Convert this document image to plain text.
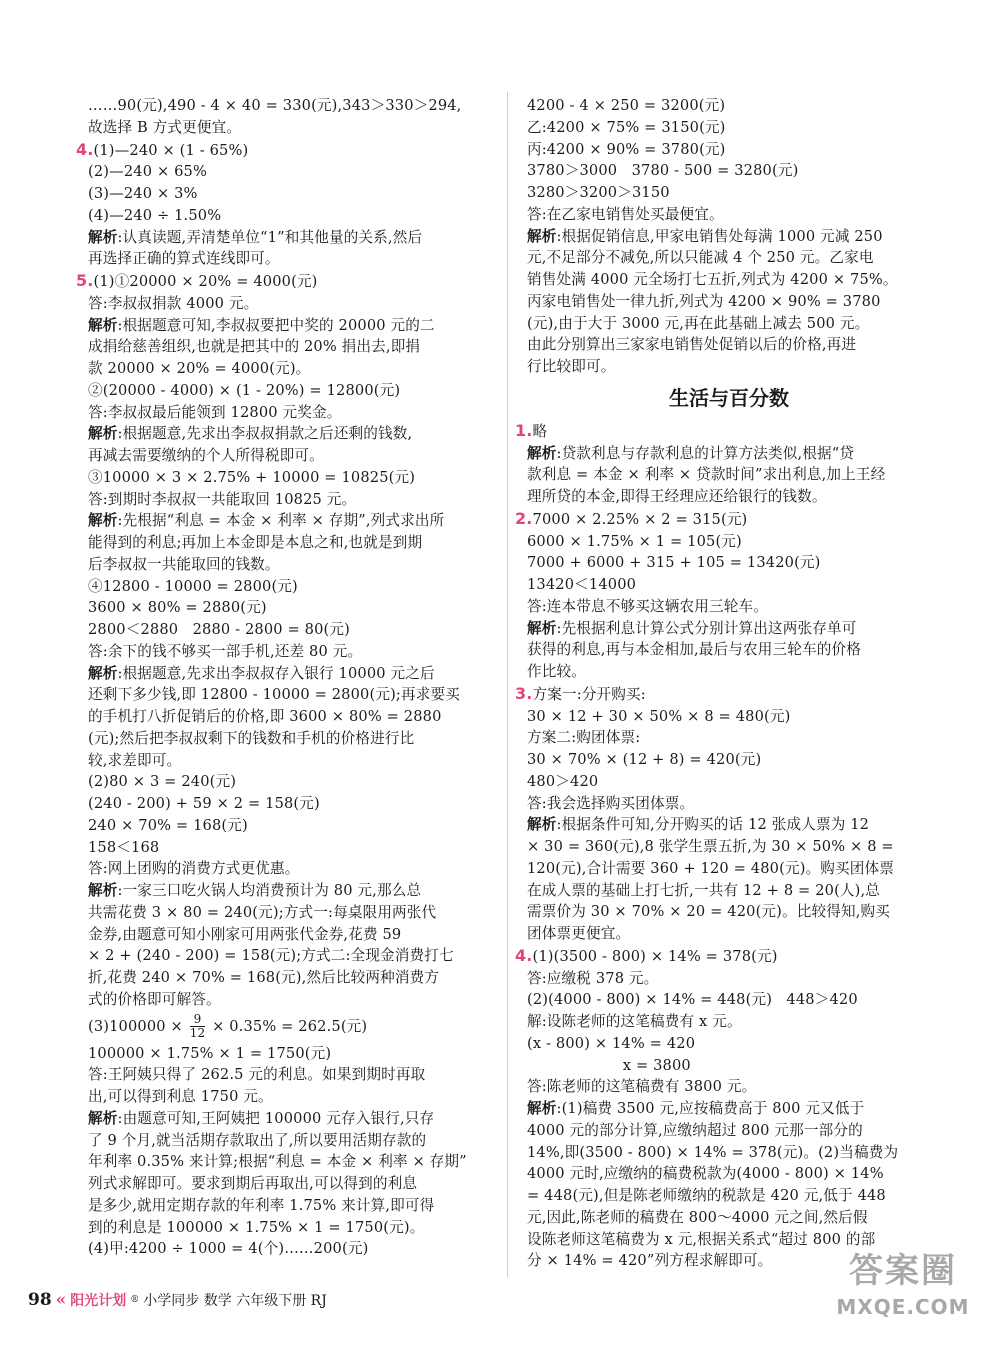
……90(元),490 - 4 × 40 = 330(元),343＞330＞294,
故选择 B 方式更便宜。
4.(1)—240 × (1 - 65%)
(2)—240 × 65%
(3)—240 × 3%
(4)—240 ÷ 1.50%
解析:认真读题,弄清楚单位“1”和其他量的关系,然后
再选择正确的算式连线即可。
5.(1)①20000 × 20% = 4000(元)
答:李叔叔捐款 4000 元。
解析:根据题意可知,李叔叔要把中奖的 20000 元的二
成捐给慈善组织,也就是把其中的 20% 捐出去,即捐
款 20000 × 20% = 4000(元)。
②(20000 - 4000) × (1 - 20%) = 12800(元)
答:李叔叔最后能领到 12800 元奖金。
解析:根据题意,先求出李叔叔捐款之后还剩的钱数,
再减去需要缴纳的个人所得税即可。
③10000 × 3 × 2.75% + 10000 = 10825(元)
答:到期时李叔叔一共能取回 10825 元。
解析:先根据“利息 = 本金 × 利率 × 存期”,列式求出所
能得到的利息;再加上本金即是本息之和,也就是到期
后李叔叔一共能取回的钱数。
④12800 - 10000 = 2800(元)
3600 × 80% = 2880(元)
2800＜2880   2880 - 2800 = 80(元)
答:余下的钱不够买一部手机,还差 80 元。
解析:根据题意,先求出李叔叔存入银行 10000 元之后
还剩下多少钱,即 12800 - 10000 = 2800(元);再求要买
的手机打八折促销后的价格,即 3600 × 80% = 2880
(元);然后把李叔叔剩下的钱数和手机的价格进行比
较,求差即可。
(2)80 × 3 = 240(元)
(240 - 200) + 59 × 2 = 158(元)
240 × 70% = 168(元)
158＜168
答:网上团购的消费方式更优惠。
解析:一家三口吃火锅人均消费预计为 80 元,那么总
共需花费 3 × 80 = 240(元);方式一:每桌限用两张代
金券,由题意可知小刚家可用两张代金券,花费 59
× 2 + (240 - 200) = 158(元);方式二:全现金消费打七
折,花费 240 × 70% = 168(元),然后比较两种消费方
式的价格即可解答。
$(3)100000 \times \frac{9}{12} \times 0.35\% = 262.5$(元)
100000 × 1.75% × 1 = 1750(元)
答:王阿姨只得了 262.5 元的利息。如果到期时再取
出,可以得到利息 1750 元。
解析:由题意可知,王阿姨把 100000 元存入银行,只存
了 9 个月,就当活期存款取出了,所以要用活期存款的
年利率 0.35% 来计算;根据“利息 = 本金 × 利率 × 存期”
列式求解即可。要求到期后再取出,可以得到的利息
是多少,就用定期存款的年利率 1.75% 来计算,即可得
到的利息是 100000 × 1.75% × 1 = 1750(元)。
(4)甲:4200 ÷ 1000 = 4(个)……200(元)
4200 - 4 × 250 = 3200(元)
乙:4200 × 75% = 3150(元)
丙:4200 × 90% = 3780(元)
3780＞3000   3780 - 500 = 3280(元)
3280＞3200＞3150
答:在乙家电销售处买最便宜。
解析:根据促销信息,甲家电销售处每满 1000 元减 250
元,不足部分不减免,所以只能减 4 个 250 元。乙家电
销售处满 4000 元全场打七五折,列式为 4200 × 75%。
丙家电销售处一律九折,列式为 4200 × 90% = 3780
(元),由于大于 3000 元,再在此基础上减去 500 元。
由此分别算出三家家电销售处促销以后的价格,再进
行比较即可。
生活与百分数
1.略
解析:贷款利息与存款利息的计算方法类似,根据“贷
款利息 = 本金 × 利率 × 贷款时间”求出利息,加上王经
理所贷的本金,即得王经理应还给银行的钱数。
2.7000 × 2.25% × 2 = 315(元)
6000 × 1.75% × 1 = 105(元)
7000 + 6000 + 315 + 105 = 13420(元)
13420＜14000
答:连本带息不够买这辆农用三轮车。
解析:先根据利息计算公式分别计算出这两张存单可
获得的利息,再与本金相加,最后与农用三轮车的价格
作比较。
3.方案一:分开购买:
30 × 12 + 30 × 50% × 8 = 480(元)
方案二:购团体票:
30 × 70% × (12 + 8) = 420(元)
480＞420
答:我会选择购买团体票。
解析:根据条件可知,分开购买的话 12 张成人票为 12
× 30 = 360(元),8 张学生票五折,为 30 × 50% × 8 =
120(元),合计需要 360 + 120 = 480(元)。购买团体票
在成人票的基础上打七折,一共有 12 + 8 = 20(人),总
需票价为 30 × 70% × 20 = 420(元)。比较得知,购买
团体票更便宜。
4.(1)(3500 - 800) × 14% = 378(元)
答:应缴税 378 元。
(2)(4000 - 800) × 14% = 448(元)   448＞420
解:设陈老师的这笔稿费有 x 元。
(x - 800) × 14% = 420
x = 3800
答:陈老师的这笔稿费有 3800 元。
解析:(1)稿费 3500 元,应按稿费高于 800 元又低于
4000 元的部分计算,应缴纳超过 800 元那一部分的
14%,即(3500 - 800) × 14% = 378(元)。(2)当稿费为
4000 元时,应缴纳的稿费税款为(4000 - 800) × 14%
= 448(元),但是陈老师缴纳的税款是 420 元,低于 448
元,因此,陈老师的稿费在 800～4000 元之间,然后假
设陈老师这笔稿费为 x 元,根据关系式“超过 800 的部
分 × 14% = 420”列方程求解即可。
98 « 阳光计划 ® 小学同步 数学 六年级下册 RJ
答案圈
MXQE.COM
